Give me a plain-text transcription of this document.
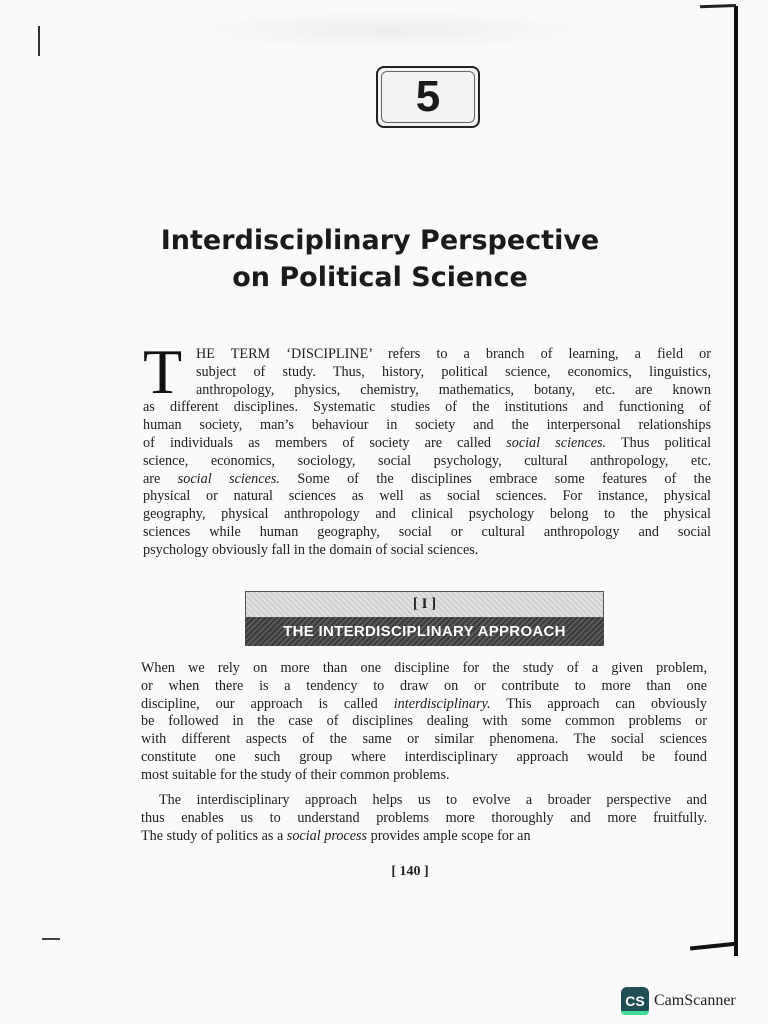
5
Interdisciplinary Perspective
on Political Science
T HE TERM ‘DISCIPLINE’ refers to a branch of learning, a field or
subject of study. Thus, history, political science, economics, linguistics,
anthropology, physics, chemistry, mathematics, botany, etc. are known
as different disciplines. Systematic studies of the institutions and functioning of
human society, man’s behaviour in society and the interpersonal relationships
of individuals as members of society are called social sciences. Thus political
science, economics, sociology, social psychology, cultural anthropology, etc.
are social sciences. Some of the disciplines embrace some features of the
physical or natural sciences as well as social sciences. For instance, physical
geography, physical anthropology and clinical psychology belong to the physical
sciences while human geography, social or cultural anthropology and social
psychology obviously fall in the domain of social sciences.
[ I ]
THE INTERDISCIPLINARY APPROACH
When we rely on more than one discipline for the study of a given problem,
or when there is a tendency to draw on or contribute to more than one
discipline, our approach is called interdisciplinary. This approach can obviously
be followed in the case of disciplines dealing with some common problems or
with different aspects of the same or similar phenomena. The social sciences
constitute one such group where interdisciplinary approach would be found
most suitable for the study of their common problems.
The interdisciplinary approach helps us to evolve a broader perspective and
thus enables us to understand problems more thoroughly and more fruitfully.
The study of politics as a social process provides ample scope for an
[ 140 ]
CS CamScanner
